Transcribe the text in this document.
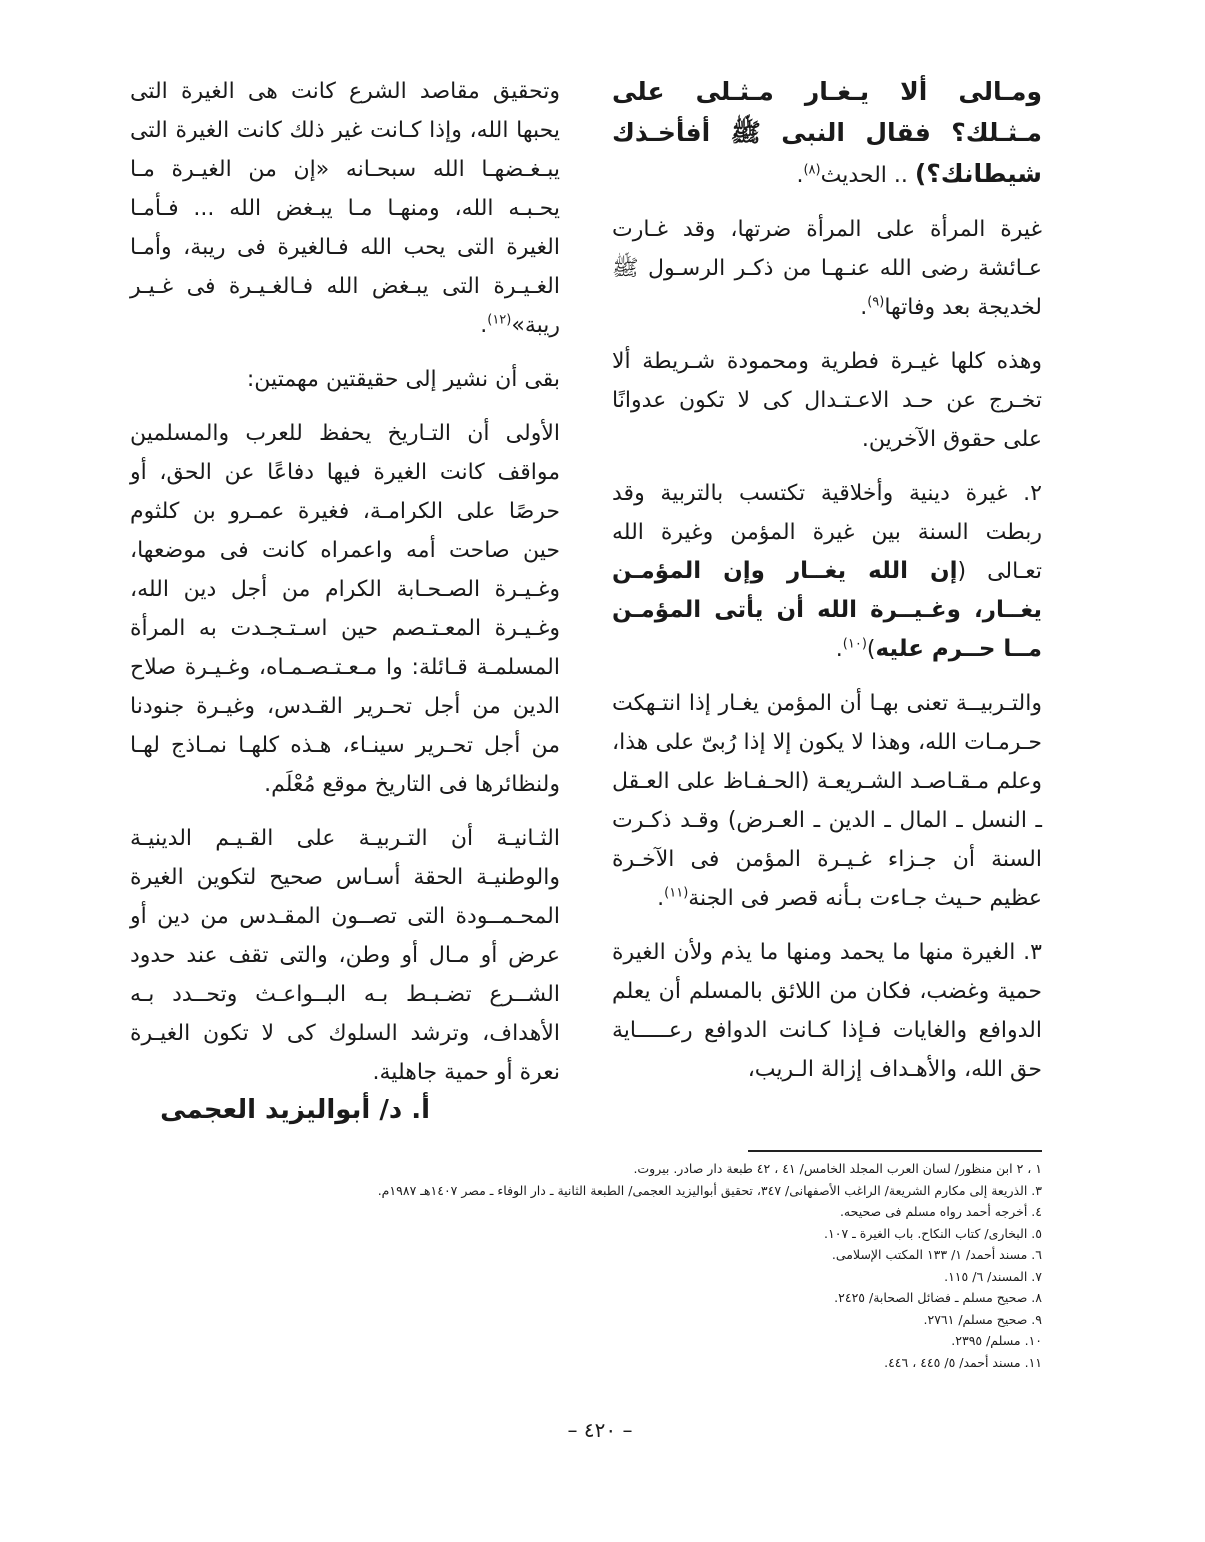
ومـالى ألا يـغـار مـثـلى على مـثـلك؟ فقال النبى ﷺ أفأخـذك شيطانك؟) .. الحديث$^{(٨)}$.

غيرة المرأة على المرأة ضرتها، وقد غـارت عـائشة رضى الله عنـهـا من ذكـر الرسـول ﷺ لخديجة بعد وفاتها$^{(٩)}$.

وهذه كلها غيـرة فطرية ومحمودة شـريطة ألا تخـرج عن حـد الاعـتـدال كى لا تكون عدوانًا على حقوق الآخرين.

٢. غيرة دينية وأخلاقية تكتسب بالتربية وقد ربطت السنة بين غيرة المؤمن وغيرة الله تعـالى (إن الله يغــار وإن المؤمـن يغــار، وغـيــرة الله أن يأتى المؤمـن مــا حــرم عليه)$^{(١٠)}$.

والتـربيــة تعنى بهـا أن المؤمن يغـار إذا انتـهكت حـرمـات الله، وهذا لا يكون إلا إذا رُبىّ على هذا، وعلم مـقـاصـد الشـريعـة (الحـفـاظ على العـقل ـ النسل ـ المال ـ الدين ـ العـرض) وقـد ذكـرت السنة أن جـزاء غـيـرة المؤمن فى الآخـرة عظيم حـيث جـاءت بـأنه قصر فى الجنة$^{(١١)}$.

٣. الغيرة منها ما يحمد ومنها ما يذم ولأن الغيرة حمية وغضب، فكان من اللائق بالمسلم أن يعلم الدوافع والغايات فـإذا كـانت الدوافع رعـــــاية حق الله، والأهـداف إزالة الـريب،

وتحقيق مقاصد الشرع كانت هى الغيرة التى يحبها الله، وإذا كـانت غير ذلك كانت الغيرة التى يبـغـضهـا الله سبحـانه «إن من الغيـرة مـا يحـبـه الله، ومنهـا مـا يبـغض الله ... فـأمـا الغيرة التى يحب الله فـالغيرة فى ريبة، وأمـا الغـيـرة التى يبـغض الله فـالغـيـرة فى غـيـر ريبة»$^{(١٢)}$.

بقى أن نشير إلى حقيقتين مهمتين:

الأولى أن التـاريخ يحفظ للعرب والمسلمين مواقف كانت الغيرة فيها دفاعًا عن الحق، أو حرصًا على الكرامـة، فغيرة عمـرو بن كلثوم حين صاحت أمه واعمراه كانت فى موضعها، وغـيـرة الصـحـابة الكرام من أجل دين الله، وغـيـرة المعـتـصم حين اسـتـجـدت به المرأة المسلمـة قـائلة: وا مـعـتـصـمـاه، وغـيـرة صلاح الدين من أجل تحـرير القـدس، وغيـرة جنودنا من أجل تحـرير سينـاء، هـذه كلهـا نمـاذج لهـا ولنظائرها فى التاريخ موقع مُعْلَم.

الثـانيـة أن التـربيـة على القـيـم الدينيـة والوطنيـة الحقة أسـاس صحيح لتكوين الغيرة المحـمــودة التى تصــون المقـدس من دين أو عرض أو مـال أو وطن، والتى تقف عند حدود الشــرع تضـبـط بـه البــواعـث وتحــدد بـه الأهداف، وترشد السلوك كى لا تكون الغيـرة نعرة أو حمية جاهلية.

أ. د/ أبواليزيد العجمى
١ ، ٢ ابن منظور/ لسان العرب المجلد الخامس/ ٤١ ، ٤٢ طبعة دار صادر. بيروت.
٣. الذريعة إلى مكارم الشريعة/ الراغب الأصفهانى/ ٣٤٧، تحقيق أبواليزيد العجمى/ الطبعة الثانية ـ دار الوفاء ـ مصر ١٤٠٧هـ ١٩٨٧م.
٤. أخرجه أحمد رواه مسلم فى صحيحه.
٥. البخارى/ كتاب النكاح. باب الغيرة ـ ١٠٧.
٦. مسند أحمد/ ١/ ١٣٣ المكتب الإسلامى.
٧. المسند/ ٦/ ١١٥.
٨. صحيح مسلم ـ فضائل الصحابة/ ٢٤٢٥.
٩. صحيح مسلم/ ٢٧٦١.
١٠. مسلم/ ٢٣٩٥.
١١. مسند أحمد/ ٥/ ٤٤٥ ، ٤٤٦.
– ٤٢٠ –
